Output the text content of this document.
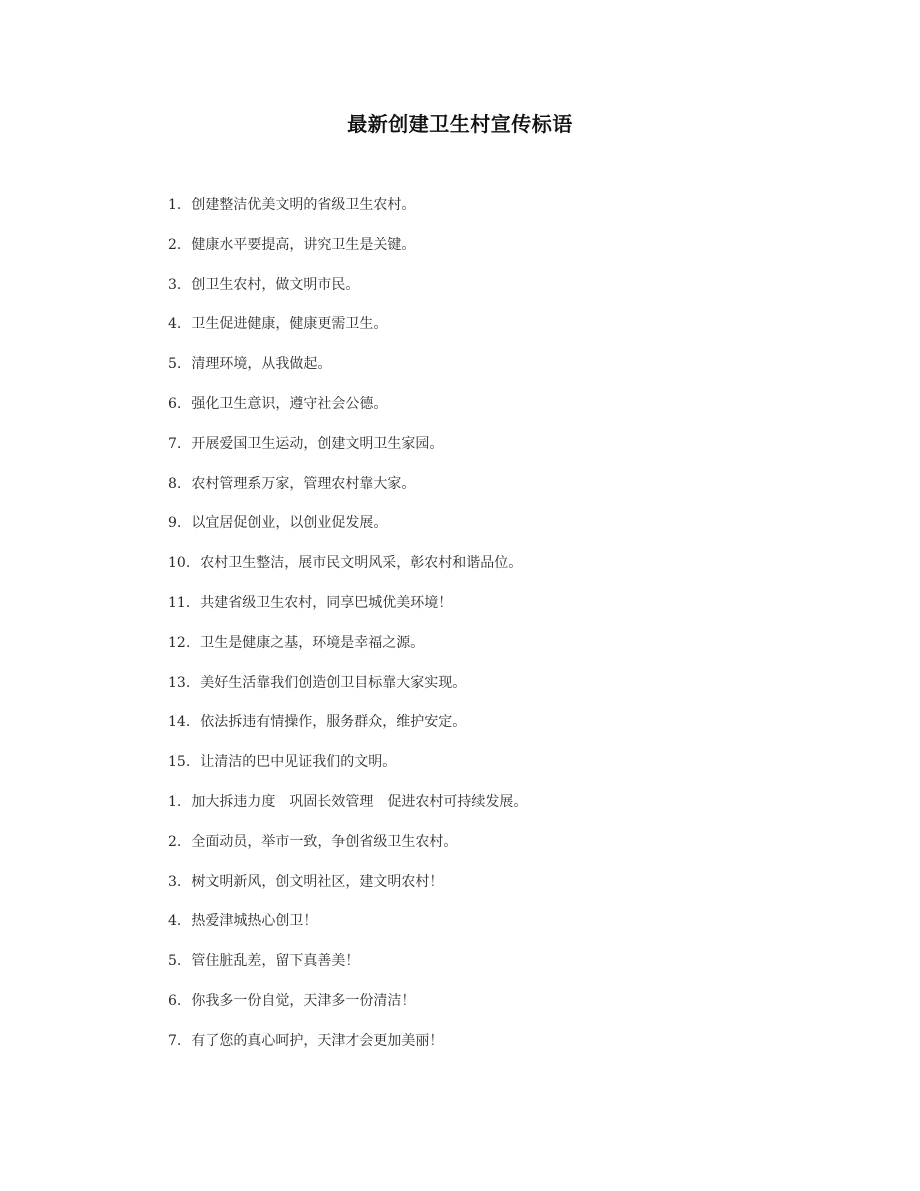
最新创建卫生村宣传标语
1. 创建整洁优美文明的省级卫生农村。
2. 健康水平要提高，讲究卫生是关键。
3. 创卫生农村，做文明市民。
4. 卫生促进健康，健康更需卫生。
5. 清理环境，从我做起。
6. 强化卫生意识，遵守社会公德。
7. 开展爱国卫生运动，创建文明卫生家园。
8. 农村管理系万家，管理农村靠大家。
9. 以宜居促创业，以创业促发展。
10. 农村卫生整洁，展市民文明风采，彰农村和谐品位。
11. 共建省级卫生农村，同享巴城优美环境！
12. 卫生是健康之基，环境是幸福之源。
13. 美好生活靠我们创造创卫目标靠大家实现。
14. 依法拆违有情操作，服务群众，维护安定。
15. 让清洁的巴中见证我们的文明。
1. 加大拆违力度　巩固长效管理　促进农村可持续发展。
2. 全面动员，举市一致，争创省级卫生农村。
3. 树文明新风，创文明社区，建文明农村！
4. 热爱津城热心创卫！
5. 管住脏乱差，留下真善美！
6. 你我多一份自觉，天津多一份清洁！
7. 有了您的真心呵护，天津才会更加美丽！
